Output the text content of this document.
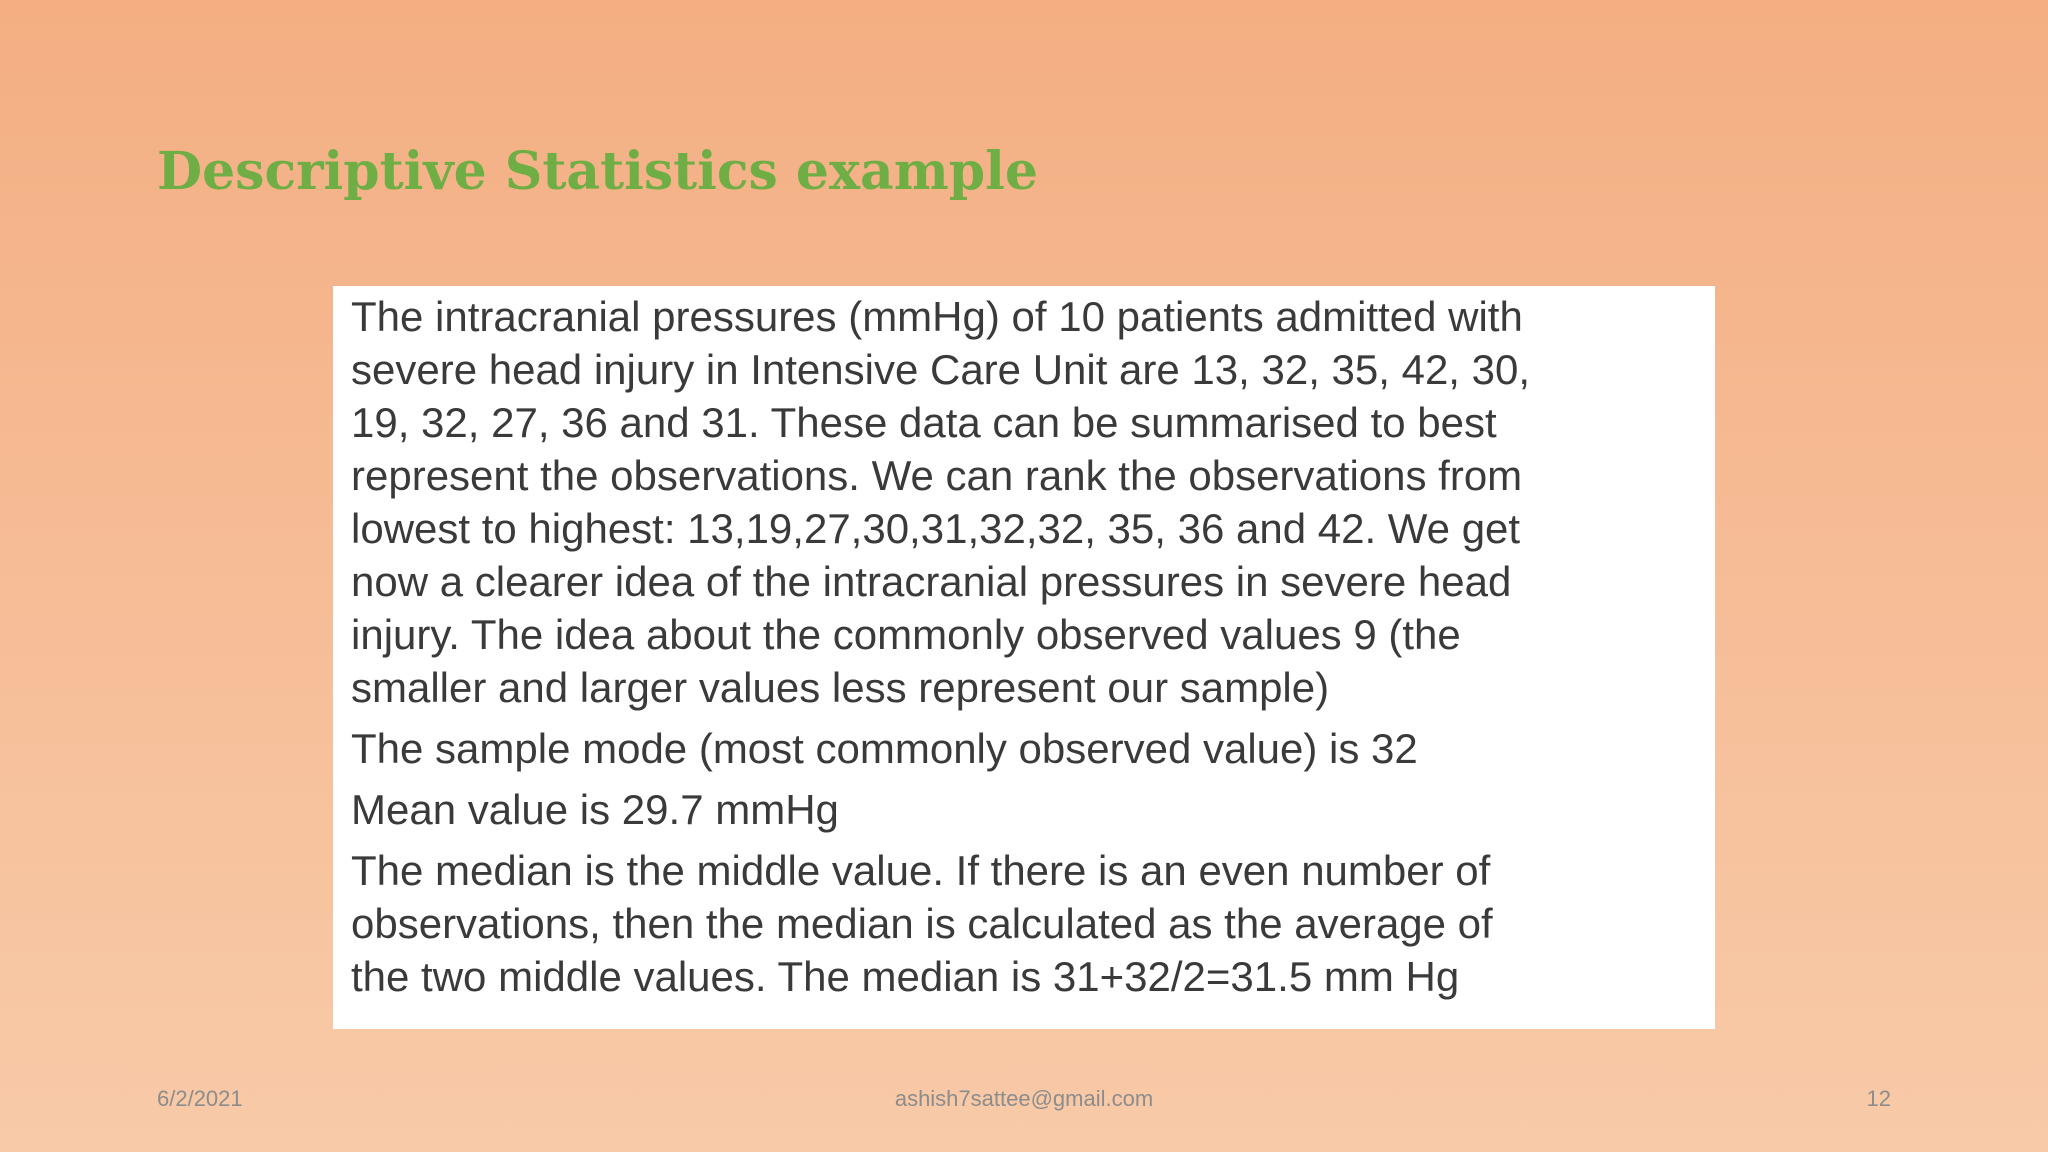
Descriptive Statistics example

The intracranial pressures (mmHg) of 10 patients admitted with
severe head injury in Intensive Care Unit are 13, 32, 35, 42, 30,
19, 32, 27, 36 and 31. These data can be summarised to best
represent the observations. We can rank the observations from
lowest to highest: 13,19,27,30,31,32,32, 35, 36 and 42. We get
now a clearer idea of the intracranial pressures in severe head
injury. The idea about the commonly observed values 9 (the
smaller and larger values less represent our sample)

The sample mode (most commonly observed value) is 32

Mean value is 29.7 mmHg

The median is the middle value. If there is an even number of
observations, then the median is calculated as the average of
the two middle values. The median is 31+32/2=31.5 mm Hg

6/2/2021	ashish7sattee@gmail.com	12
